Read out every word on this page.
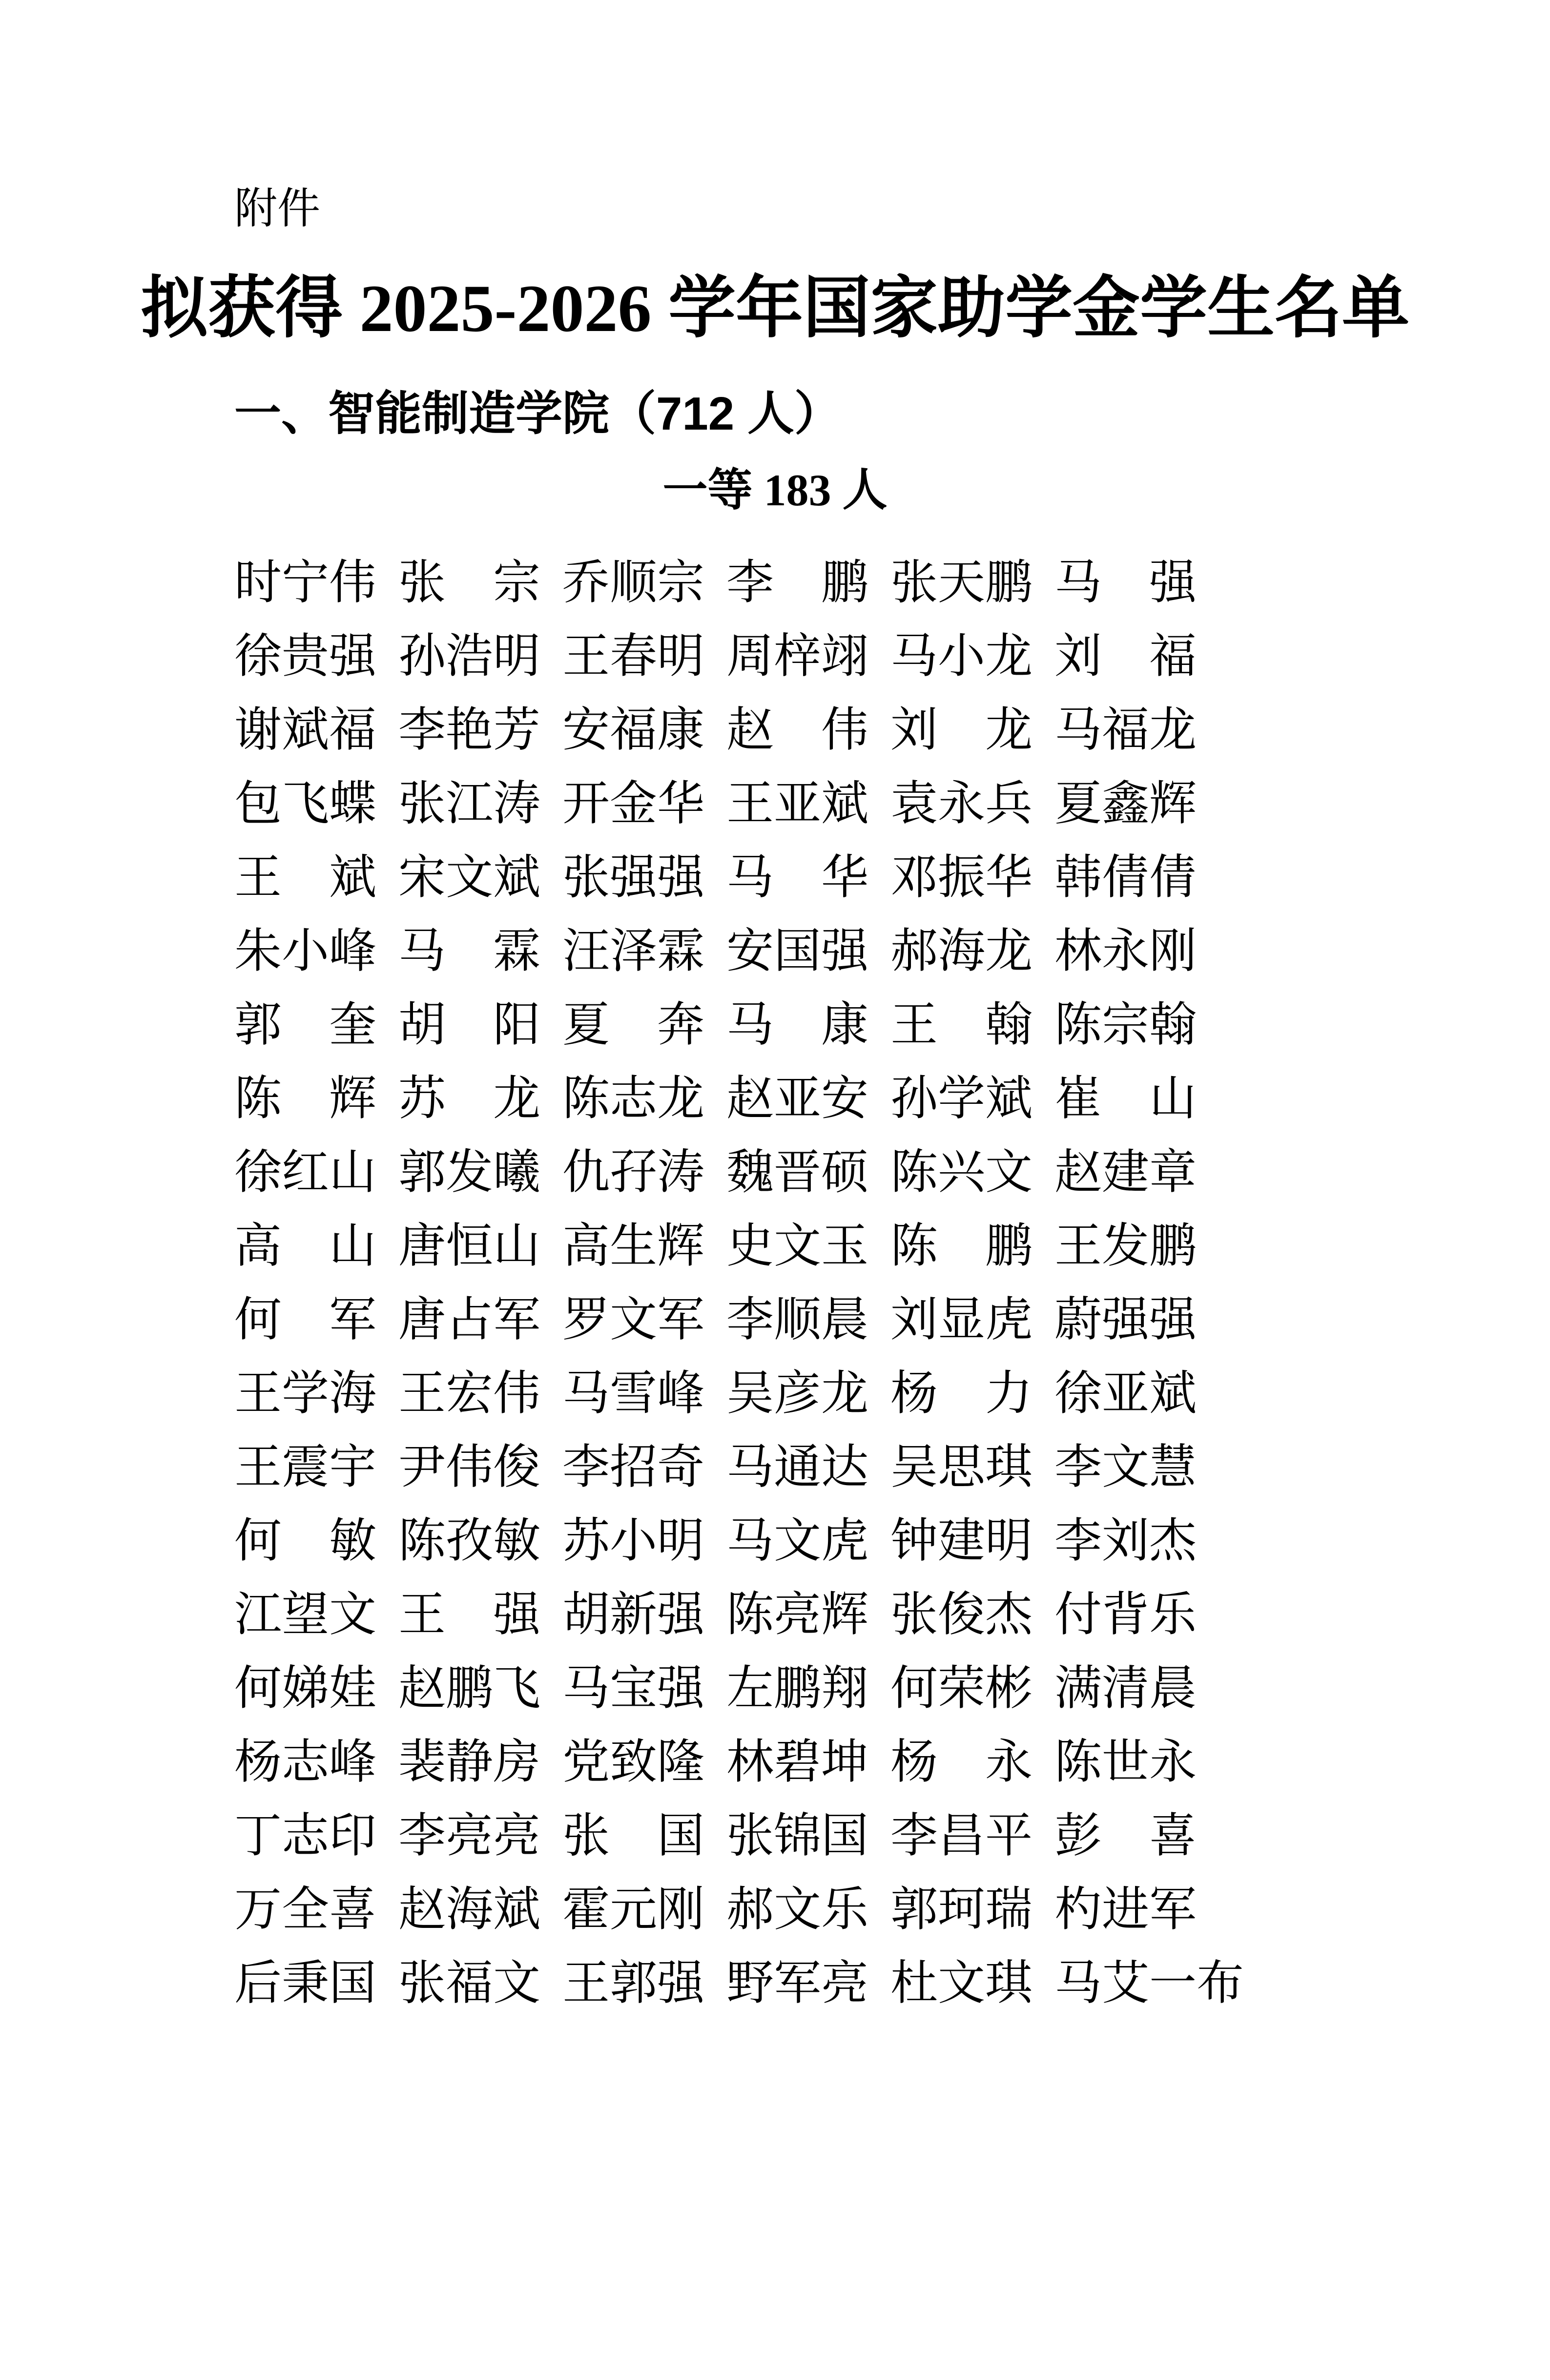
附件
拟获得 2025-2026 学年国家助学金学生名单
一、智能制造学院（712 人）
一等 183 人
时 宁 伟 张 宗 乔 顺 宗 李 鹏 张 天 鹏 马 强
徐 贵 强 孙 浩 明 王 春 明 周 梓 翊 马 小 龙 刘 福
谢 斌 福 李 艳 芳 安 福 康 赵 伟 刘 龙 马 福 龙
包 飞 蝶 张 江 涛 开 金 华 王 亚 斌 袁 永 兵 夏 鑫 辉
王 斌 宋 文 斌 张 强 强 马 华 邓 振 华 韩 倩 倩
朱 小 峰 马 霖 汪 泽 霖 安 国 强 郝 海 龙 林 永 刚
郭 奎 胡 阳 夏 奔 马 康 王 翰 陈 宗 翰
陈 辉 苏 龙 陈 志 龙 赵 亚 安 孙 学 斌 崔 山
徐 红 山 郭 发 曦 仇 孖 涛 魏 晋 硕 陈 兴 文 赵 建 章
高 山 唐 恒 山 高 生 辉 史 文 玉 陈 鹏 王 发 鹏
何 军 唐 占 军 罗 文 军 李 顺 晨 刘 显 虎 蔚 强 强
王 学 海 王 宏 伟 马 雪 峰 吴 彦 龙 杨 力 徐 亚 斌
王 震 宇 尹 伟 俊 李 招 奇 马 通 达 吴 思 琪 李 文 慧
何 敏 陈 孜 敏 苏 小 明 马 文 虎 钟 建 明 李 刘 杰
江 望 文 王 强 胡 新 强 陈 亮 辉 张 俊 杰 付 背 乐
何 娣 娃 赵 鹏 飞 马 宝 强 左 鹏 翔 何 荣 彬 满 清 晨
杨 志 峰 裴 静 房 党 致 隆 林 碧 坤 杨 永 陈 世 永
丁 志 印 李 亮 亮 张 国 张 锦 国 李 昌 平 彭 喜
万 全 喜 赵 海 斌 霍 元 刚 郝 文 乐 郭 珂 瑞 杓 进 军
后 秉 国 张 福 文 王 郭 强 野 军 亮 杜 文 琪 马 艾 一 布
